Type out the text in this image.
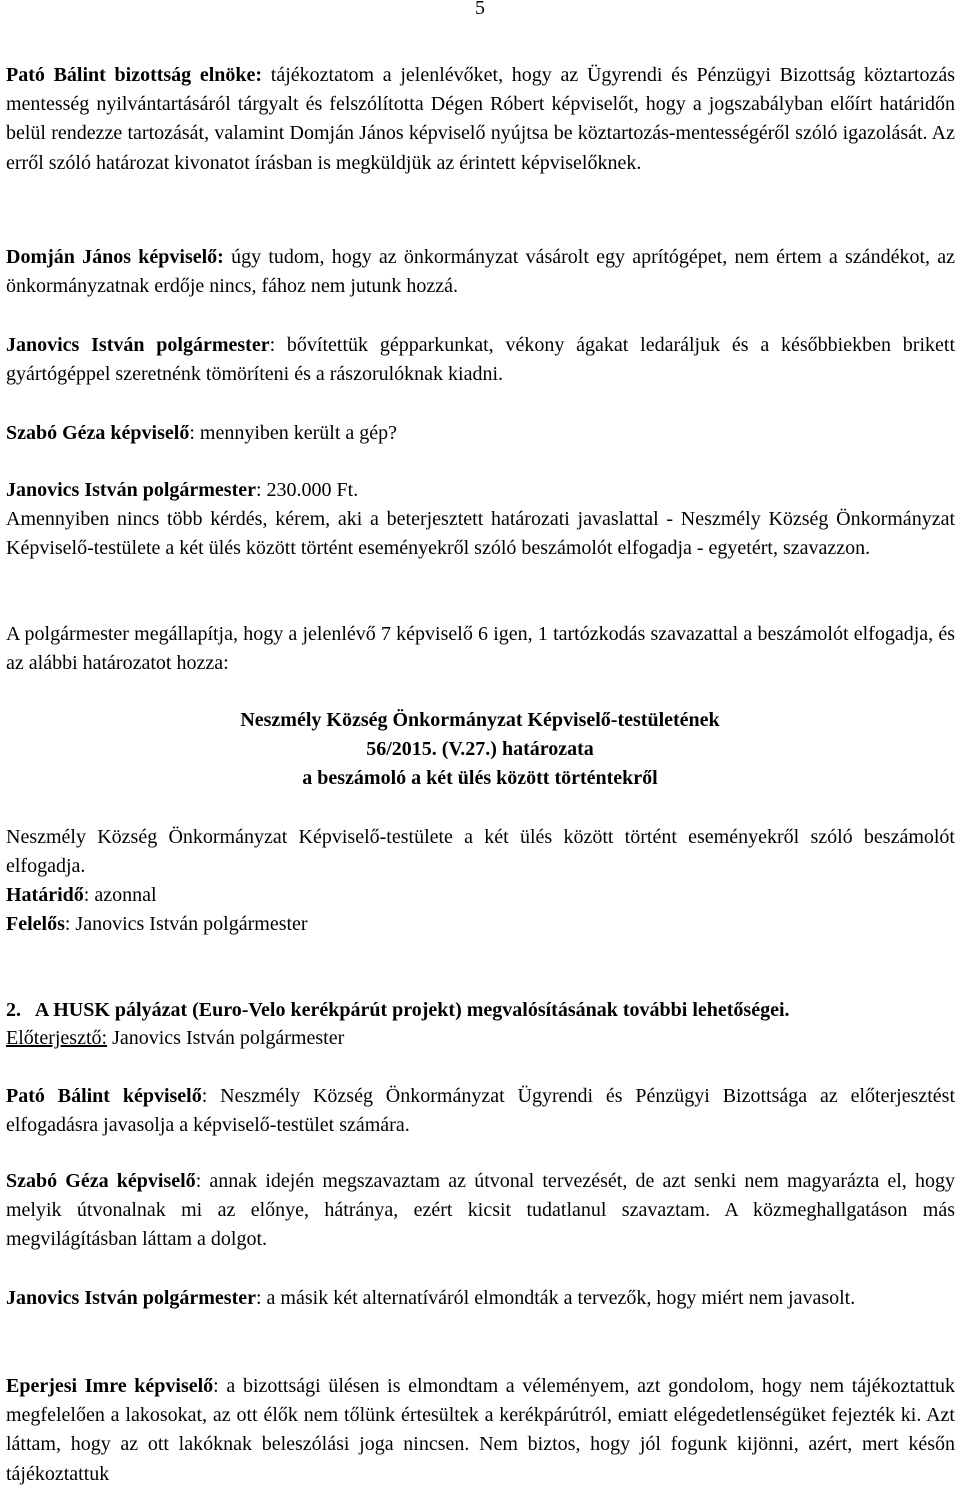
5

Pató Bálint bizottság elnöke: tájékoztatom a jelenlévőket, hogy az Ügyrendi és Pénzügyi Bizottság köztartozás mentesség nyilvántartásáról tárgyalt és felszólította Dégen Róbert képviselőt, hogy a jogszabályban előírt határidőn belül rendezze tartozását, valamint Domján János képviselő nyújtsa be köztartozás-mentességéről szóló igazolását. Az erről szóló határozat kivonatot írásban is megküldjük az érintett képviselőknek.

Domján János képviselő: úgy tudom, hogy az önkormányzat vásárolt egy aprítógépet, nem értem a szándékot, az önkormányzatnak erdője nincs, fához nem jutunk hozzá.

Janovics István polgármester: bővítettük gépparkunkat, vékony ágakat ledaráljuk és a későbbiekben brikett gyártógéppel szeretnénk tömöríteni és a rászorulóknak kiadni.

Szabó Géza képviselő: mennyiben került a gép?

Janovics István polgármester: 230.000 Ft.

Amennyiben nincs több kérdés, kérem, aki a beterjesztett határozati javaslattal - Neszmély Község Önkormányzat Képviselő-testülete a két ülés között történt eseményekről szóló beszámolót elfogadja - egyetért, szavazzon.

A polgármester megállapítja, hogy a jelenlévő 7 képviselő 6 igen, 1 tartózkodás szavazattal a beszámolót elfogadja, és az alábbi határozatot hozza:

Neszmély Község Önkormányzat Képviselő-testületének
56/2015. (V.27.) határozata
a beszámoló a két ülés között történtekről

Neszmély Község Önkormányzat Képviselő-testülete a két ülés között történt eseményekről szóló beszámolót elfogadja.

Határidő: azonnal

Felelős: Janovics István polgármester

2.   A HUSK pályázat (Euro-Velo kerékpárút projekt) megvalósításának további lehetőségei.

Előterjesztő: Janovics István polgármester

Pató Bálint képviselő: Neszmély Község Önkormányzat Ügyrendi és Pénzügyi Bizottsága az előterjesztést elfogadásra javasolja a képviselő-testület számára.

Szabó Géza képviselő: annak idején megszavaztam az útvonal tervezését, de azt senki nem magyarázta el, hogy melyik útvonalnak mi az előnye, hátránya, ezért kicsit tudatlanul szavaztam. A közmeghallgatáson más megvilágításban láttam a dolgot.

Janovics István polgármester: a másik két alternatíváról elmondták a tervezők, hogy miért nem javasolt.

Eperjesi Imre képviselő: a bizottsági ülésen is elmondtam a véleményem, azt gondolom, hogy nem tájékoztattuk megfelelően a lakosokat, az ott élők nem tőlünk értesültek a kerékpárútról, emiatt elégedetlenségüket fejezték ki. Azt láttam, hogy az ott lakóknak beleszólási joga nincsen. Nem biztos, hogy jól fogunk kijönni, azért, mert későn tájékoztattuk
